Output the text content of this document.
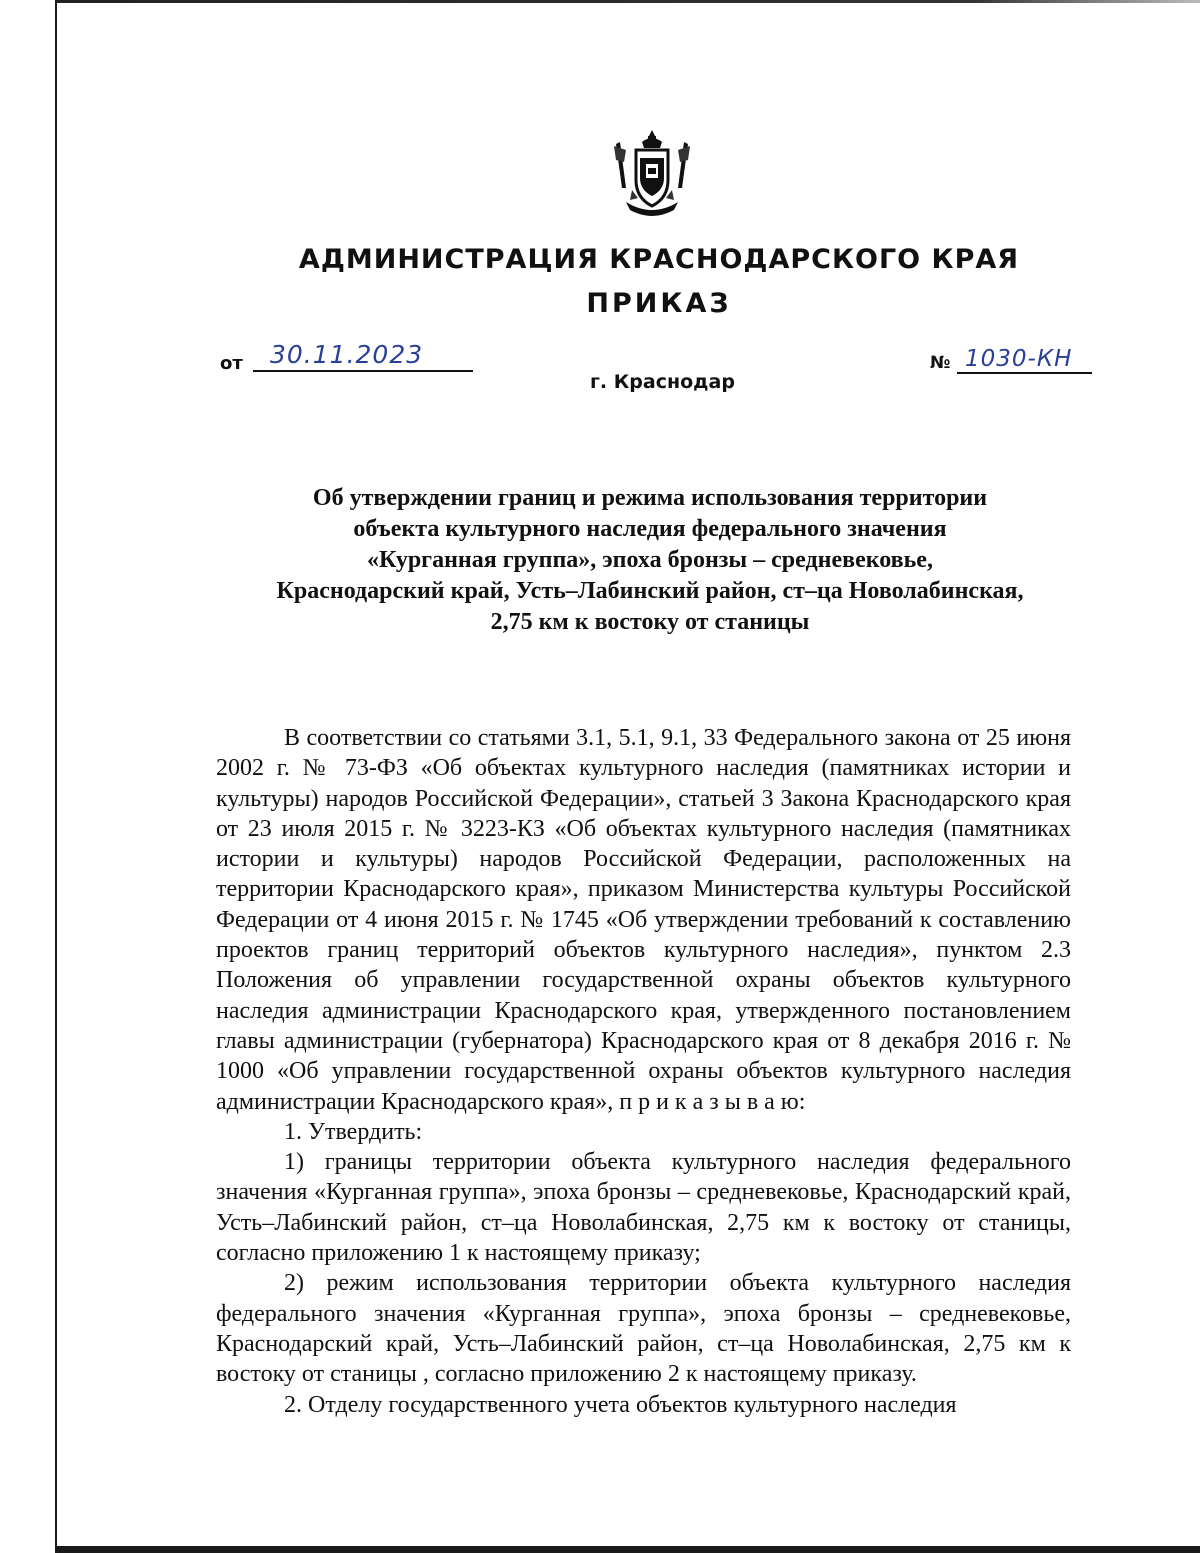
АДМИНИСТРАЦИЯ КРАСНОДАРСКОГО КРАЯ
ПРИКАЗ
от 30.11.2023	№ 1030-КН
г. Краснодар
Об утверждении границ и режима использования территории
объекта культурного наследия федерального значения
«Курганная группа», эпоха бронзы – средневековье,
Краснодарский край, Усть–Лабинский район, ст–ца Новолабинская,
2,75 км к востоку от станицы

В соответствии со статьями 3.1, 5.1, 9.1, 33 Федерального закона от 25 июня 2002 г. № 73-ФЗ «Об объектах культурного наследия (памятниках истории и культуры) народов Российской Федерации», статьей 3 Закона Краснодарского края от 23 июля 2015 г. № 3223-КЗ «Об объектах культурного наследия (памятниках истории и культуры) народов Российской Федерации, расположенных на территории Краснодарского края», приказом Министерства культуры Российской Федерации от 4 июня 2015 г. № 1745 «Об утверждении требований к составлению проектов границ территорий объектов культурного наследия», пунктом 2.3 Положения об управлении государственной охраны объектов культурного наследия администрации Краснодарского края, утвержденного постановлением главы администрации (губернатора) Краснодарского края от 8 декабря 2016 г. № 1000 «Об управлении государственной охраны объектов культурного наследия администрации Краснодарского края», п р и к а з ы в а ю:

1. Утвердить:

1) границы территории объекта культурного наследия федерального значения «Курганная группа», эпоха бронзы – средневековье, Краснодарский край, Усть–Лабинский район, ст–ца Новолабинская, 2,75 км к востоку от станицы, согласно приложению 1 к настоящему приказу;

2) режим использования территории объекта культурного наследия федерального значения «Курганная группа», эпоха бронзы – средневековье, Краснодарский край, Усть–Лабинский район, ст–ца Новолабинская, 2,75 км к востоку от станицы , согласно приложению 2 к настоящему приказу.

2. Отделу государственного учета объектов культурного наследия
